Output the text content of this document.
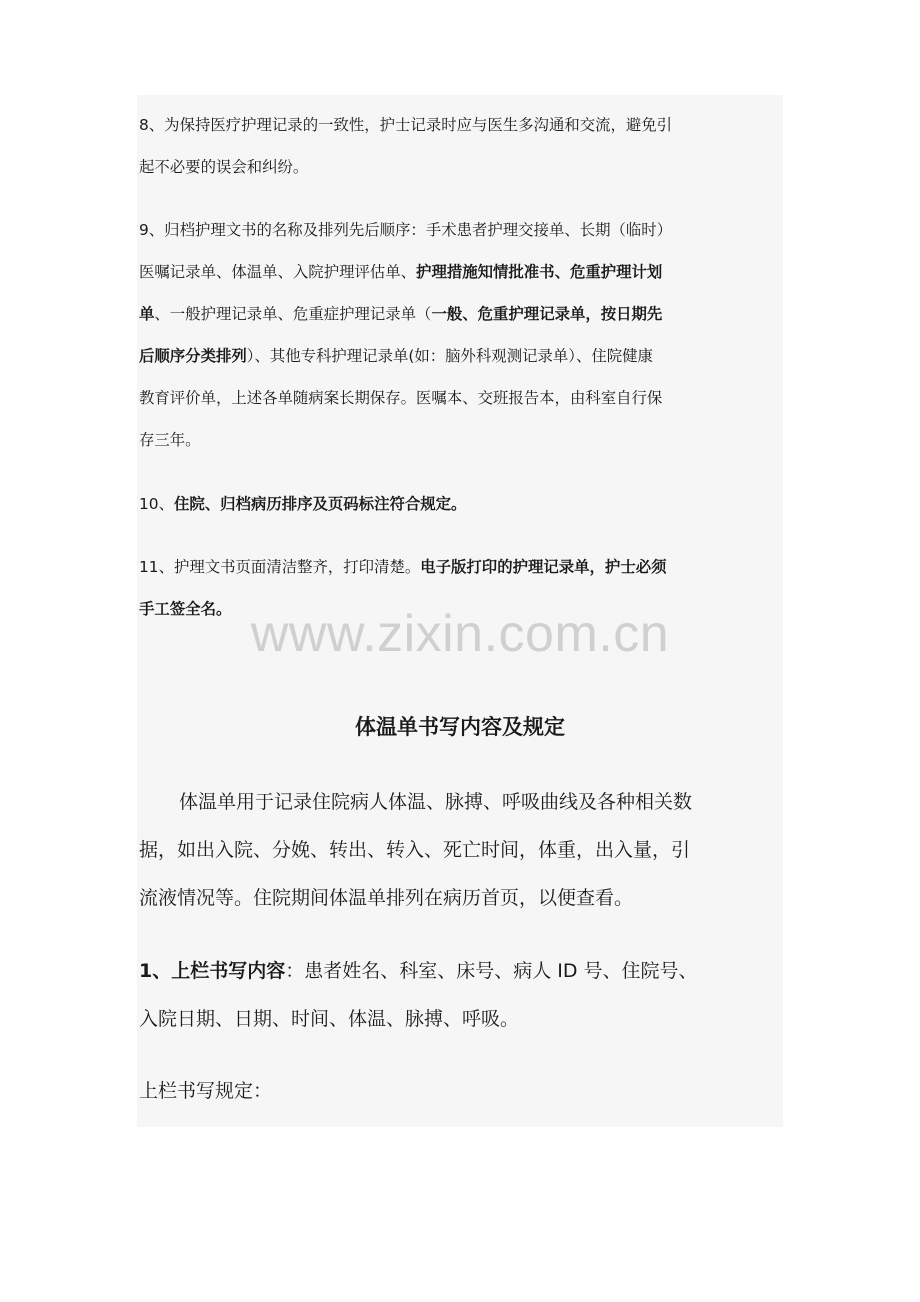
8、为保持医疗护理记录的一致性，护士记录时应与医生多沟通和交流，避免引

起不必要的误会和纠纷。

9、归档护理文书的名称及排列先后顺序：手术患者护理交接单、长期（临时）

医嘱记录单、体温单、入院护理评估单、护理措施知情批准书、危重护理计划

单、一般护理记录单、危重症护理记录单（一般、危重护理记录单，按日期先

后顺序分类排列）、其他专科护理记录单(如：脑外科观测记录单）、住院健康

教育评价单，上述各单随病案长期保存。医嘱本、交班报告本，由科室自行保

存三年。

10、住院、归档病历排序及页码标注符合规定。

11、护理文书页面清洁整齐，打印清楚。电子版打印的护理记录单，护士必须

手工签全名。 www.zixin.com.cn
体温单书写内容及规定

体温单用于记录住院病人体温、脉搏、呼吸曲线及各种相关数

据，如出入院、分娩、转出、转入、死亡时间，体重，出入量，引

流液情况等。住院期间体温单排列在病历首页，以便查看。

1、上栏书写内容：患者姓名、科室、床号、病人 ID 号、住院号、

入院日期、日期、时间、体温、脉搏、呼吸。

上栏书写规定：
